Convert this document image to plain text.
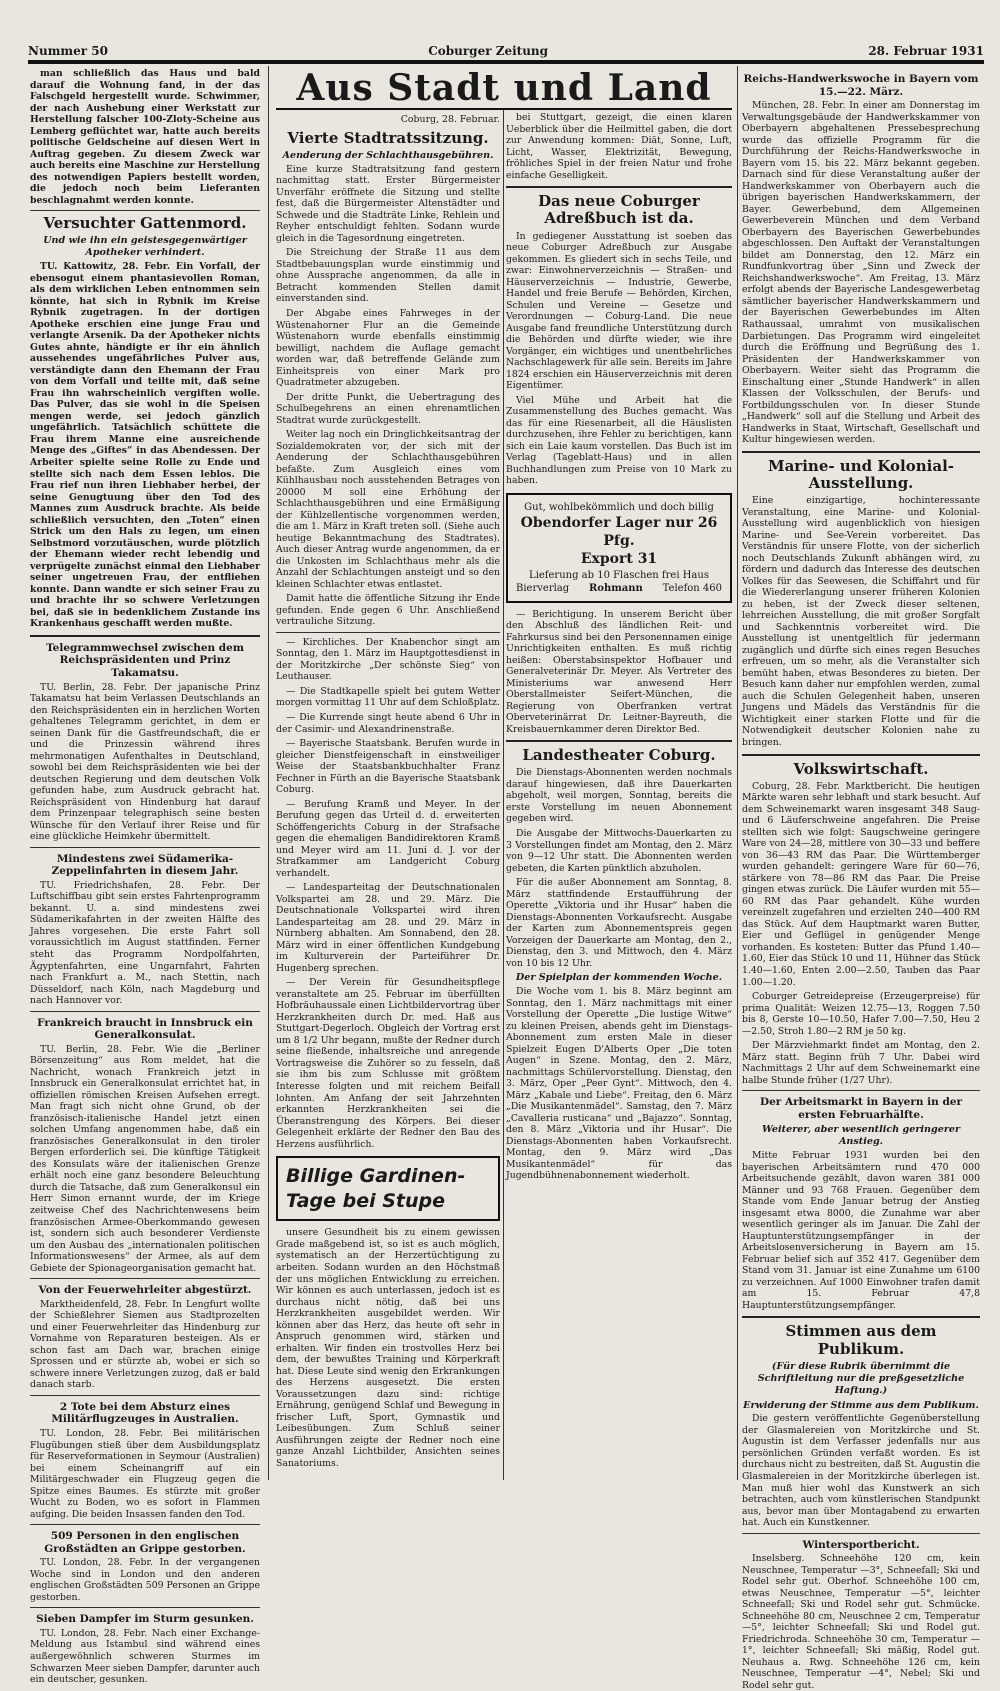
Nummer 50	Coburger Zeitung	28. Februar 1931

man schließlich das Haus und bald darauf die Wohnung fand, in der das Falschgeld hergestellt wurde. Schwimmer, der nach Aushebung einer Werkstatt zur Herstellung falscher 100-Zloty-Scheine aus Lemberg geflüchtet war, hatte auch bereits politische Geldscheine auf diesen Wert in Auftrag gegeben. Zu diesem Zweck war auch bereits eine Maschine zur Herstellung des notwendigen Papiers bestellt worden, die jedoch noch beim Lieferanten beschlagnahmt werden konnte.

Versuchter Gattenmord.
Und wie ihn ein geistesgegenwärtiger Apotheker verhindert.

TU. Kattowitz, 28. Febr. Ein Vorfall, der ebensogut einem phantasievollen Roman, als dem wirklichen Leben entnommen sein könnte, hat sich in Rybnik im Kreise Rybnik zugetragen. In der dortigen Apotheke erschien eine junge Frau und verlangte Arsenik. Da der Apotheker nichts Gutes ahnte, händigte er ihr ein ähnlich aussehendes ungefährliches Pulver aus, verständigte dann den Ehemann der Frau von dem Vorfall und teilte mit, daß seine Frau ihn wahrscheinlich vergiften wolle. Das Pulver, das sie wohl in die Speisen mengen werde, sei jedoch gänzlich ungefährlich. Tatsächlich schüttete die Frau ihrem Manne eine ausreichende Menge des „Giftes“ in das Abendessen. Der Arbeiter spielte seine Rolle zu Ende und stellte sich nach dem Essen leblos. Die Frau rief nun ihren Liebhaber herbei, der seine Genugtuung über den Tod des Mannes zum Ausdruck brachte. Als beide schließlich versuchten, den „Toten“ einen Strick um den Hals zu legen, um einen Selbstmord vorzutäuschen, wurde plötzlich der Ehemann wieder recht lebendig und verprügelte zunächst einmal den Liebhaber seiner ungetreuen Frau, der entfliehen konnte. Dann wandte er sich seiner Frau zu und brachte ihr so schwere Verletzungen bei, daß sie in bedenklichem Zustande ins Krankenhaus geschafft werden mußte.

Telegrammwechsel zwischen dem Reichspräsidenten und Prinz Takamatsu.

TU. Berlin, 28. Febr. Der japanische Prinz Takamatsu hat beim Verlassen Deutschlands an den Reichspräsidenten ein in herzlichen Worten gehaltenes Telegramm gerichtet, in dem er seinen Dank für die Gastfreundschaft, die er und die Prinzessin während ihres mehrmonatigen Aufenthaltes in Deutschland, sowohl bei dem Reichspräsidenten wie bei der deutschen Regierung und dem deutschen Volk gefunden habe, zum Ausdruck gebracht hat. Reichspräsident von Hindenburg hat darauf dem Prinzenpaar telegraphisch seine besten Wünsche für den Verlauf ihrer Reise und für eine glückliche Heimkehr übermittelt.

Mindestens zwei Südamerika-Zeppelinfahrten in diesem Jahr.

TU. Friedrichshafen, 28. Febr. Der Luftschiffbau gibt sein erstes Fahrtenprogramm bekannt. U. a. sind mindestens zwei Südamerikafahrten in der zweiten Hälfte des Jahres vorgesehen. Die erste Fahrt soll voraussichtlich im August stattfinden. Ferner steht das Programm Nordpolfahrten, Ägyptenfahrten, eine Ungarnfahrt, Fahrten nach Frankfurt a. M., nach Stettin, nach Düsseldorf, nach Köln, nach Magdeburg und nach Hannover vor.

Frankreich braucht in Innsbruck ein Generalkonsulat.

TU. Berlin, 28. Febr. Wie die „Berliner Börsenzeitung“ aus Rom meldet, hat die Nachricht, wonach Frankreich jetzt in Innsbruck ein Generalkonsulat errichtet hat, in offiziellen römischen Kreisen Aufsehen erregt. Man fragt sich nicht ohne Grund, ob der französisch-italienische Handel jetzt einen solchen Umfang angenommen habe, daß ein französisches Generalkonsulat in den tiroler Bergen erforderlich sei. Die künftige Tätigkeit des Konsulats wäre der italienischen Grenze erhält noch eine ganz besondere Beleuchtung durch die Tatsache, daß zum Generalkonsul ein Herr Simon ernannt wurde, der im Kriege zeitweise Chef des Nachrichtenwesens beim französischen Armee-Oberkommando gewesen ist, sondern sich auch besonderer Verdienste um den Ausbau des „internationalen politischen Informationswesens“ der Armee, als auf dem Gebiete der Spionageorganisation gemacht hat.

Von der Feuerwehrleiter abgestürzt.

Marktheidenfeld, 28. Febr. In Lengfurt wollte der Schießlehrer Siemen aus Stadtprozelten und einer Feuerwehrleiter das Hindenburg zur Vornahme von Reparaturen besteigen. Als er schon fast am Dach war, brachen einige Sprossen und er stürzte ab, wobei er sich so schwere innere Verletzungen zuzog, daß er bald danach starb.

2 Tote bei dem Absturz eines Militärflugzeuges in Australien.

TU. London, 28. Febr. Bei militärischen Flugübungen stieß über dem Ausbildungsplatz für Reserveformationen in Seymour (Australien) bei einem Scheinangriff auf ein Militärgeschwader ein Flugzeug gegen die Spitze eines Baumes. Es stürzte mit großer Wucht zu Boden, wo es sofort in Flammen aufging. Die beiden Insassen fanden den Tod.

509 Personen in den englischen Großstädten an Grippe gestorben.

TU. London, 28. Febr. In der vergangenen Woche sind in London und den anderen englischen Großstädten 509 Personen an Grippe gestorben.

Sieben Dampfer im Sturm gesunken.

TU. London, 28. Febr. Nach einer Exchange-Meldung aus Istambul sind während eines außergewöhnlich schweren Sturmes im Schwarzen Meer sieben Dampfer, darunter auch ein deutscher, gesunken.

Aus Stadt und Land
Coburg, 28. Februar.
Vierte Stadtratssitzung.
Aenderung der Schlachthausgebühren.

Eine kurze Stadtratsitzung fand gestern nachmittag statt. Erster Bürgermeister Unverfähr eröffnete die Sitzung und stellte fest, daß die Bürgermeister Altenstädter und Schwede und die Stadträte Linke, Rehlein und Reyher entschuldigt fehlten. Sodann wurde gleich in die Tagesordnung eingetreten.

Die Streichung der Straße 11 aus dem Stadtbebauungsplan wurde einstimmig und ohne Aussprache angenommen, da alle in Betracht kommenden Stellen damit einverstanden sind.

Der Abgabe eines Fahrweges in der Wüstenahorner Flur an die Gemeinde Wüstenahorn wurde ebenfalls einstimmig bewilligt, nachdem die Auflage gemacht worden war, daß betreffende Gelände zum Einheitspreis von einer Mark pro Quadratmeter abzugeben.

Der dritte Punkt, die Uebertragung des Schulbegehrens an einen ehrenamtlichen Stadtrat wurde zurückgestellt.

Weiter lag noch ein Dringlichkeitsantrag der Sozialdemokraten vor, der sich mit der Aenderung der Schlachthausgebühren befaßte. Zum Ausgleich eines vom Kühlhausbau noch ausstehenden Betrages von 20000 M soll eine Erhöhung der Schlachthausgebühren und eine Ermäßigung der Kühlzellentische vorgenommen werden, die am 1. März in Kraft treten soll. (Siehe auch heutige Bekanntmachung des Stadtrates). Auch dieser Antrag wurde angenommen, da er die Unkosten im Schlachthaus mehr als die Anzahl der Schlachtungen ansteigt und so den kleinen Schlachter etwas entlastet.

Damit hatte die öffentliche Sitzung ihr Ende gefunden. Ende gegen 6 Uhr. Anschließend vertrauliche Sitzung.

— Kirchliches. Der Knabenchor singt am Sonntag, den 1. März im Hauptgottesdienst in der Moritzkirche „Der schönste Sieg“ von Leuthauser.

— Die Stadtkapelle spielt bei gutem Wetter morgen vormittag 11 Uhr auf dem Schloßplatz.

— Die Kurrende singt heute abend 6 Uhr in der Casimir- und Alexandrinenstraße.

— Bayerische Staatsbank. Berufen wurde in gleicher Dienstfeigenschaft in einstweiliger Weise der Staatsbankbuchhalter Franz Fechner in Fürth an die Bayerische Staatsbank Coburg.

— Berufung Kramß und Meyer. In der Berufung gegen das Urteil d. d. erweiterten Schöffengerichts Coburg in der Strafsache gegen die ehemaligen Bandidirektoren Kramß und Meyer wird am 11. Juni d. J. vor der Strafkammer am Landgericht Coburg verhandelt.

— Landesparteitag der Deutschnationalen Volkspartei am 28. und 29. März. Die Deutschnationale Volkspartei wird ihren Landesparteitag am 28. und 29. März in Nürnberg abhalten. Am Sonnabend, den 28. März wird in einer öffentlichen Kundgebung im Kulturverein der Parteiführer Dr. Hugenberg sprechen.

— Der Verein für Gesundheitspflege veranstaltete am 25. Februar im überfüllten Hofbräuhaussale einen Lichtbildervortrag über Herzkrankheiten durch Dr. med. Haß aus Stuttgart-Degerloch. Obgleich der Vortrag erst um 8 1/2 Uhr begann, mußte der Redner durch seine fließende, inhaltsreiche und anregende Vortragsweise die Zuhörer so zu fesseln, daß sie ihm bis zum Schlusse mit größtem Interesse folgten und mit reichem Beifall lohnten. Am Anfang der seit Jahrzehnten erkannten Herzkrankheiten sei die Überanstrengung des Körpers. Bei dieser Gelegenheit erklärte der Redner den Bau des Herzens ausführlich.

Billige Gardinen-Tage bei Stupe

unsere Gesundheit bis zu einem gewissen Grade maßgebend ist, so ist es auch möglich, systematisch an der Herzertüchtigung zu arbeiten. Sodann wurden an den Höchstmaß der uns möglichen Entwicklung zu erreichen. Wir können es auch unterlassen, jedoch ist es durchaus nicht nötig, daß bei uns Herzkrankheiten ausgebildet werden. Wir können aber das Herz, das heute oft sehr in Anspruch genommen wird, stärken und erhalten. Wir finden ein trostvolles Herz bei dem, der bewußtes Training und Körperkraft hat. Diese Leute sind wenig den Erkrankungen des Herzens ausgesetzt. Die ersten Voraussetzungen dazu sind: richtige Ernährung, genügend Schlaf und Bewegung in frischer Luft, Sport, Gymnastik und Leibesübungen. Zum Schluß seiner Ausführungen zeigte der Redner noch eine ganze Anzahl Lichtbilder, Ansichten seines Sanatoriums.

bei Stuttgart, gezeigt, die einen klaren Ueberblick über die Heilmittel gaben, die dort zur Anwendung kommen: Diät, Sonne, Luft, Licht, Wasser, Elektrizität, Bewegung, fröhliches Spiel in der freien Natur und frohe einfache Geselligkeit.

Das neue Coburger Adreßbuch ist da.

In gediegener Ausstattung ist soeben das neue Coburger Adreßbuch zur Ausgabe gekommen. Es gliedert sich in sechs Teile, und zwar: Einwohnerverzeichnis — Straßen- und Häuserverzeichnis — Industrie, Gewerbe, Handel und freie Berufe — Behörden, Kirchen, Schulen und Vereine — Gesetze und Verordnungen — Coburg-Land. Die neue Ausgabe fand freundliche Unterstützung durch die Behörden und dürfte wieder, wie ihre Vorgänger, ein wichtiges und unentbehrliches Nachschlagewerk für alle sein. Bereits im Jahre 1824 erschien ein Häuserverzeichnis mit deren Eigentümer.

Viel Mühe und Arbeit hat die Zusammenstellung des Buches gemacht. Was das für eine Riesenarbeit, all die Häuslisten durchzusehen, ihre Fehler zu berichtigen, kann sich ein Laie kaum vorstellen. Das Buch ist im Verlag (Tageblatt-Haus) und in allen Buchhandlungen zum Preise von 10 Mark zu haben.

Gut, wohlbekömmlich und doch billig
Obendorfer Lager nur 26 Pfg.
Export 31
Lieferung ab 10 Flaschen frei Haus
Bierverlag Rohmann Telefon 460

— Berichtigung. In unserem Bericht über den Abschluß des ländlichen Reit- und Fahrkursus sind bei den Personennamen einige Unrichtigkeiten enthalten. Es muß richtig heißen: Oberstabsinspektor Hofbauer und Generalveterinär Dr. Meyer. Als Vertreter des Ministeriums war anwesend Herr Oberstallmeister Seifert-München, die Regierung von Oberfranken vertrat Oberveterinärrat Dr. Leitner-Bayreuth, die Kreisbauernkammer deren Direktor Bed.

Landestheater Coburg.

Die Dienstags-Abonnenten werden nochmals darauf hingewiesen, daß ihre Dauerkarten abgeholt, weil morgen, Sonntag, bereits die erste Vorstellung im neuen Abonnement gegeben wird.

Die Ausgabe der Mittwochs-Dauerkarten zu 3 Vorstellungen findet am Montag, den 2. März von 9—12 Uhr statt. Die Abonnenten werden gebeten, die Karten pünktlich abzuholen.

Für die außer Abonnement am Sonntag, 8. März stattfindende Erstaufführung der Operette „Viktoria und ihr Husar“ haben die Dienstags-Abonnenten Vorkaufsrecht. Ausgabe der Karten zum Abonnementspreis gegen Vorzeigen der Dauerkarte am Montag, den 2., Dienstag, den 3. und Mittwoch, den 4. März von 10 bis 12 Uhr.

Der Spielplan der kommenden Woche.

Die Woche vom 1. bis 8. März beginnt am Sonntag, den 1. März nachmittags mit einer Vorstellung der Operette „Die lustige Witwe“ zu kleinen Preisen, abends geht im Dienstags-Abonnement zum ersten Male in dieser Spielzeit Eugen D'Alberts Oper „Die toten Augen“ in Szene. Montag, den 2. März, nachmittags Schülervorstellung. Dienstag, den 3. März, Oper „Peer Gynt“. Mittwoch, den 4. März „Kabale und Liebe“. Freitag, den 6. März „Die Musikantenmädel“. Samstag, den 7. März „Cavalleria rusticana“ und „Bajazzo“. Sonntag, den 8. März „Viktoria und ihr Husar“. Die Dienstags-Abonnenten haben Vorkaufsrecht. Montag, den 9. März wird „Das Musikantenmädel“ für das Jugendbühnenabonnement wiederholt.

Reichs-Handwerkswoche in Bayern vom 15.—22. März.

München, 28. Febr. In einer am Donnerstag im Verwaltungsgebäude der Handwerkskammer von Oberbayern abgehaltenen Pressebesprechung wurde das offizielle Programm für die Durchführung der Reichs-Handwerkswoche in Bayern vom 15. bis 22. März bekannt gegeben. Darnach sind für diese Veranstaltung außer der Handwerkskammer von Oberbayern auch die übrigen bayerischen Handwerkskammern, der Bayer. Gewerbebund, dem Allgemeinen Gewerbeverein München und dem Verband Oberbayern des Bayerischen Gewerbebundes abgeschlossen. Den Auftakt der Veranstaltungen bildet am Donnerstag, den 12. März ein Rundfunkvortrag über „Sinn und Zweck der Reichshandwerkswoche“. Am Freitag, 13. März erfolgt abends der Bayerische Landesgewerbetag sämtlicher bayerischer Handwerkskammern und der Bayerischen Gewerbebundes im Alten Rathaussaal, umrahmt von musikalischen Darbietungen. Das Programm wird eingeleitet durch die Eröffnung und Begrüßung des 1. Präsidenten der Handwerkskammer von Oberbayern. Weiter sieht das Programm die Einschaltung einer „Stunde Handwerk“ in allen Klassen der Volksschulen, der Berufs- und Fortbildungsschulen vor. In dieser Stunde „Handwerk“ soll auf die Stellung und Arbeit des Handwerks in Staat, Wirtschaft, Gesellschaft und Kultur hingewiesen werden.

Marine- und Kolonial-Ausstellung.

Eine einzigartige, hochinteressante Veranstaltung, eine Marine- und Kolonial-Ausstellung wird augenblicklich von hiesigen Marine- und See-Verein vorbereitet. Das Verständnis für unsere Flotte, von der sicherlich noch Deutschlands Zukunft abhängen wird, zu fördern und dadurch das Interesse des deutschen Volkes für das Seewesen, die Schiffahrt und für die Wiedererlangung unserer früheren Kolonien zu heben, ist der Zweck dieser seltenen, lehrreichen Ausstellung, die mit großer Sorgfalt und Sachkenntnis vorbereitet wird. Die Ausstellung ist unentgeltlich für jedermann zugänglich und dürfte sich eines regen Besuches erfreuen, um so mehr, als die Veranstalter sich bemüht haben, etwas Besonderes zu bieten. Der Besuch kann daher nur empfohlen werden, zumal auch die Schulen Gelegenheit haben, unseren Jungens und Mädels das Verständnis für die Wichtigkeit einer starken Flotte und für die Notwendigkeit deutscher Kolonien nahe zu bringen.

Volkswirtschaft.

Coburg, 28. Febr. Marktbericht. Die heutigen Märkte waren sehr lebhaft und stark besucht. Auf dem Schweinemarkt waren insgesamt 348 Saug- und 6 Läuferschweine angefahren. Die Preise stellten sich wie folgt: Saugschweine geringere Ware von 24—28, mittlere von 30—33 und beffere von 36—43 RM das Paar. Die Württemberger wurden gehandelt: geringere Ware für 60—76, stärkere von 78—86 RM das Paar. Die Preise gingen etwas zurück. Die Läufer wurden mit 55—60 RM das Paar gehandelt. Kühe wurden vereinzelt zugefahren und erzielten 240—400 RM das Stück. Auf dem Hauptmarkt waren Butter, Eier und Geflügel in genügender Menge vorhanden. Es kosteten: Butter das Pfund 1.40—1.60, Eier das Stück 10 und 11, Hühner das Stück 1.40—1.60, Enten 2.00—2.50, Tauben das Paar 1.00—1.20.

Coburger Getreidepreise (Erzeugerpreise) für prima Qualität: Weizen 12.75—13, Roggen 7.50 bis 8, Gerste 10—10.50, Hafer 7.00—7.50, Heu 2—2.50, Stroh 1.80—2 RM je 50 kg.

Der Märzviehmarkt findet am Montag, den 2. März statt. Beginn früh 7 Uhr. Dabei wird Nachmittags 2 Uhr auf dem Schweinemarkt eine halbe Stunde früher (1/27 Uhr).

Der Arbeitsmarkt in Bayern in der ersten Februarhälfte.
Weiterer, aber wesentlich geringerer Anstieg.

Mitte Februar 1931 wurden bei den bayerischen Arbeitsämtern rund 470 000 Arbeitsuchende gezählt, davon waren 381 000 Männer und 93 768 Frauen. Gegenüber dem Stande vom Ende Januar betrug der Anstieg insgesamt etwa 8000, die Zunahme war aber wesentlich geringer als im Januar. Die Zahl der Hauptunterstützungsempfänger in der Arbeitslosenversicherung in Bayern am 15. Februar belief sich auf 352 417. Gegenüber dem Stand vom 31. Januar ist eine Zunahme um 6100 zu verzeichnen. Auf 1000 Einwohner trafen damit am 15. Februar 47,8 Hauptunterstützungsempfänger.

Stimmen aus dem Publikum.
(Für diese Rubrik übernimmt die Schriftleitung nur die preßgesetzliche Haftung.)
Erwiderung der Stimme aus dem Publikum.

Die gestern veröffentlichte Gegenüberstellung der Glasmalereien von Moritzkirche und St. Augustin ist dem Verfasser jedenfalls nur aus persönlichen Gründen verfaßt worden. Es ist durchaus nicht zu bestreiten, daß St. Augustin die Glasmalereien in der Moritzkirche überlegen ist. Man muß hier wohl das Kunstwerk an sich betrachten, auch vom künstlerischen Standpunkt aus, bevor man über Montagabend zu erwarten hat. Auch ein Kunstkenner.

Wintersportbericht.

Inselsberg. Schneehöhe 120 cm, kein Neuschnee, Temperatur —3°, Schneefall; Ski und Rodel sehr gut. Oberhof. Schneehöhe 100 cm, etwas Neuschnee, Temperatur —5°, leichter Schneefall; Ski und Rodel sehr gut. Schmücke. Schneehöhe 80 cm, Neuschnee 2 cm, Temperatur —5°, leichter Schneefall; Ski und Rodel gut. Friedrichroda. Schneehöhe 30 cm, Temperatur —1°, leichter Schneefall; Ski mäßig, Rodel gut. Neuhaus a. Rwg. Schneehöhe 126 cm, kein Neuschnee, Temperatur —4°, Nebel; Ski und Rodel sehr gut.
